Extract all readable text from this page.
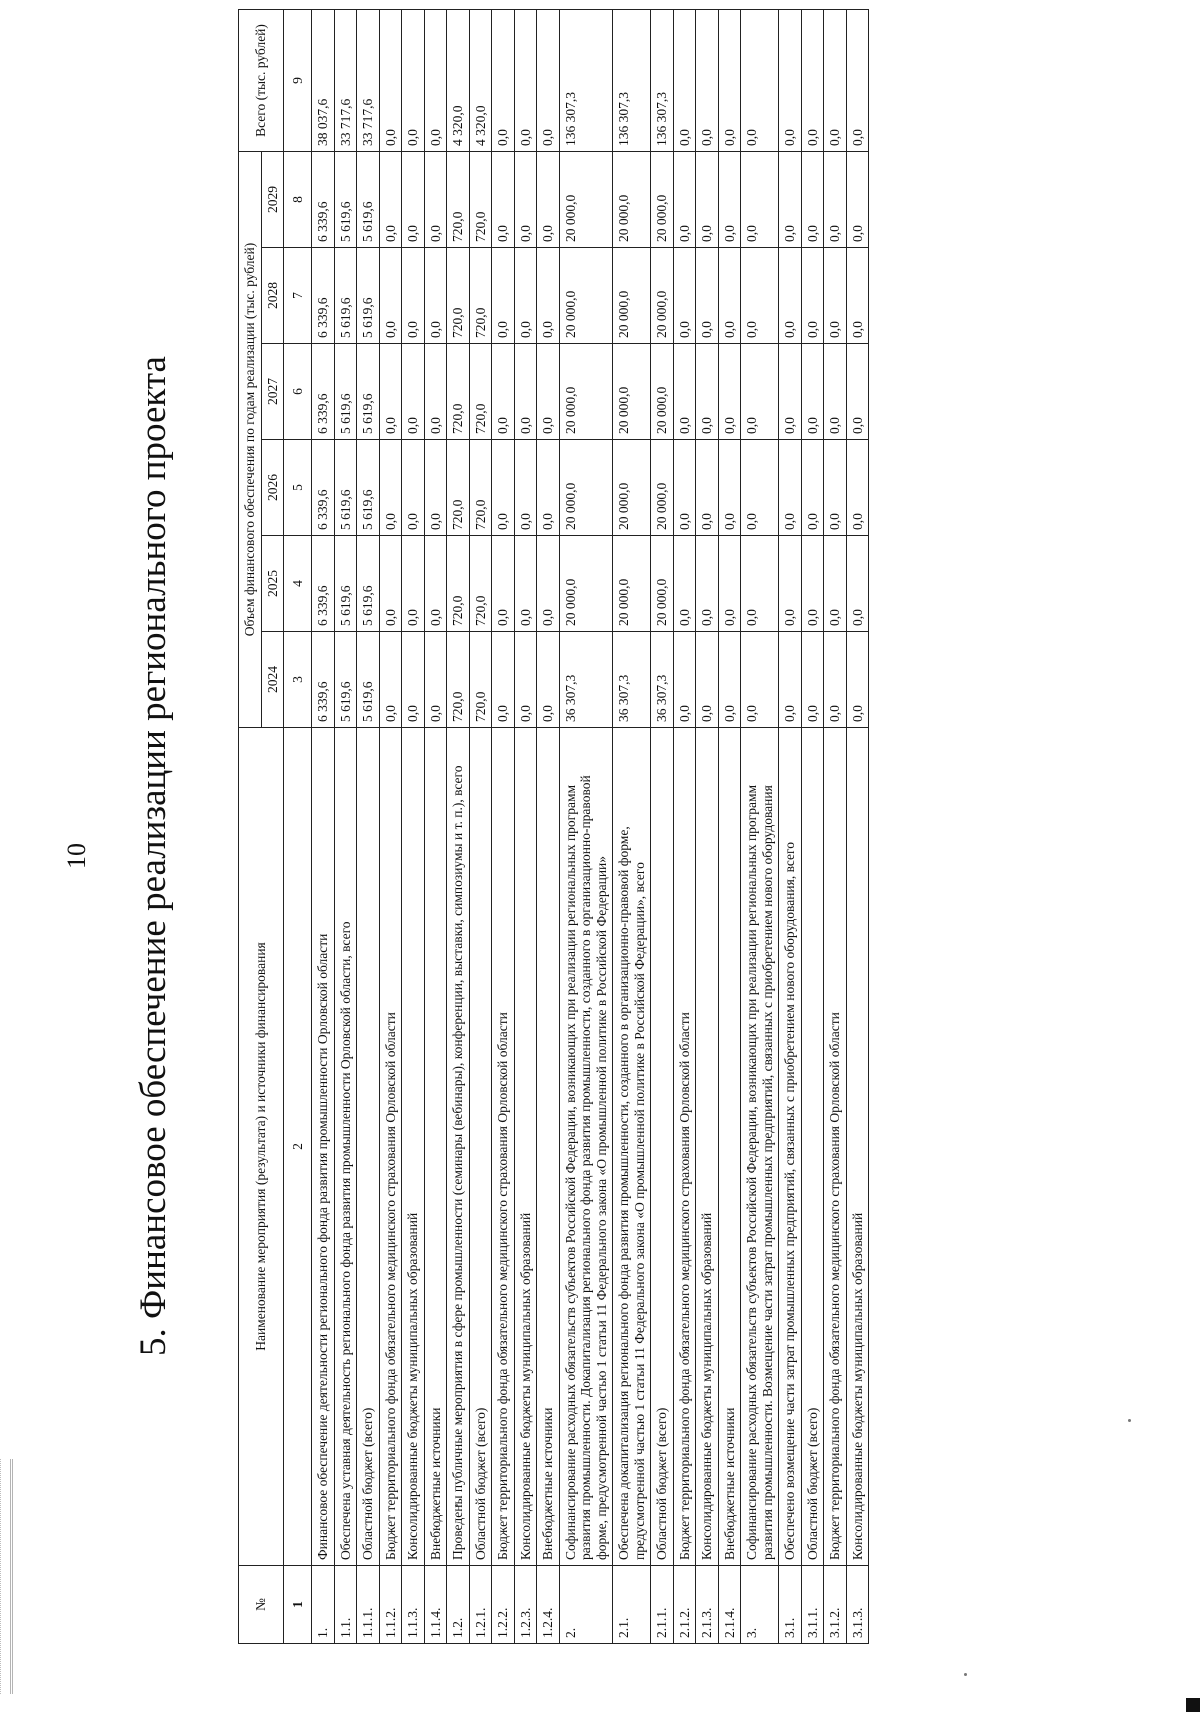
10 5. Финансовое обеспечение реализации регионального проекта
№	Наименование мероприятия (результата) и источники финансирования	Объем финансового обеспечения по годам реализации (тыс. рублей)						Всего (тыс. рублей)
		2024	2025	2026	2027	2028	2029	
1	2	3	4	5	6	7	8	9
1.	Финансовое обеспечение деятельности регионального фонда развития промышленности Орловской области	6 339,6	6 339,6	6 339,6	6 339,6	6 339,6	6 339,6	38 037,6
1.1.	Обеспечена уставная деятельность регионального фонда развития промышленности Орловской области, всего	5 619,6	5 619,6	5 619,6	5 619,6	5 619,6	5 619,6	33 717,6
1.1.1.	Областной бюджет (всего)	5 619,6	5 619,6	5 619,6	5 619,6	5 619,6	5 619,6	33 717,6
1.1.2.	Бюджет территориального фонда обязательного медицинского страхования Орловской области	0,0	0,0	0,0	0,0	0,0	0,0	0,0
1.1.3.	Консолидированные бюджеты муниципальных образований	0,0	0,0	0,0	0,0	0,0	0,0	0,0
1.1.4.	Внебюджетные источники	0,0	0,0	0,0	0,0	0,0	0,0	0,0
1.2.	Проведены публичные мероприятия в сфере промышленности (семинары (вебинары), конференции, выставки, симпозиумы и т. п.), всего	720,0	720,0	720,0	720,0	720,0	720,0	4 320,0
1.2.1.	Областной бюджет (всего)	720,0	720,0	720,0	720,0	720,0	720,0	4 320,0
1.2.2.	Бюджет территориального фонда обязательного медицинского страхования Орловской области	0,0	0,0	0,0	0,0	0,0	0,0	0,0
1.2.3.	Консолидированные бюджеты муниципальных образований	0,0	0,0	0,0	0,0	0,0	0,0	0,0
1.2.4.	Внебюджетные источники	0,0	0,0	0,0	0,0	0,0	0,0	0,0
2.	Софинансирование расходных обязательств субъектов Российской Федерации, возникающих при реализации региональных программ развития промышленности. Докапитализация регионального фонда развития промышленности, созданного в организационно-правовой форме, предусмотренной частью 1 статьи 11 Федерального закона «О промышленной политике в Российской Федерации»	36 307,3	20 000,0	20 000,0	20 000,0	20 000,0	20 000,0	136 307,3
2.1.	Обеспечена докапитализация регионального фонда развития промышленности, созданного в организационно-правовой форме, предусмотренной частью 1 статьи 11 Федерального закона «О промышленной политике в Российской Федерации», всего	36 307,3	20 000,0	20 000,0	20 000,0	20 000,0	20 000,0	136 307,3
2.1.1.	Областной бюджет (всего)	36 307,3	20 000,0	20 000,0	20 000,0	20 000,0	20 000,0	136 307,3
2.1.2.	Бюджет территориального фонда обязательного медицинского страхования Орловской области	0,0	0,0	0,0	0,0	0,0	0,0	0,0
2.1.3.	Консолидированные бюджеты муниципальных образований	0,0	0,0	0,0	0,0	0,0	0,0	0,0
2.1.4.	Внебюджетные источники	0,0	0,0	0,0	0,0	0,0	0,0	0,0
3.	Софинансирование расходных обязательств субъектов Российской Федерации, возникающих при реализации региональных программ развития промышленности. Возмещение части затрат промышленных предприятий, связанных с приобретением нового оборудования	0,0	0,0	0,0	0,0	0,0	0,0	0,0
3.1.	Обеспечено возмещение части затрат промышленных предприятий, связанных с приобретением нового оборудования, всего	0,0	0,0	0,0	0,0	0,0	0,0	0,0
3.1.1.	Областной бюджет (всего)	0,0	0,0	0,0	0,0	0,0	0,0	0,0
3.1.2.	Бюджет территориального фонда обязательного медицинского страхования Орловской области	0,0	0,0	0,0	0,0	0,0	0,0	0,0
3.1.3.	Консолидированные бюджеты муниципальных образований	0,0	0,0	0,0	0,0	0,0	0,0	0,0
